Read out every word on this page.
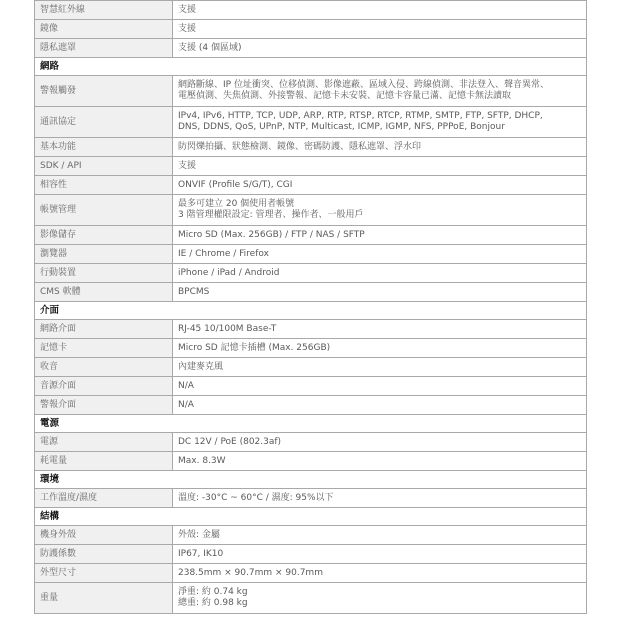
智慧紅外線	支援

鏡像	支援

隱私遮罩	支援 (4 個區域)

網路	
警報觸發	網路斷線、IP 位址衝突、位移偵測、影像遮蔽、區域入侵、跨線偵測、非法登入、聲音異常、
電壓偵測、失焦偵測、外接警報、記憶卡未安裝、記憶卡容量已滿、記憶卡無法讀取

通訊協定	IPv4, IPv6, HTTP, TCP, UDP, ARP, RTP, RTSP, RTCP, RTMP, SMTP, FTP, SFTP, DHCP,
DNS, DDNS, QoS, UPnP, NTP, Multicast, ICMP, IGMP, NFS, PPPoE, Bonjour

基本功能	防閃爍拍攝、狀態檢測、鏡像、密碼防護、隱私遮罩、浮水印

SDK / API	支援

相容性	ONVIF (Profile S/G/T), CGI

帳號管理	最多可建立 20 個使用者帳號
3 階管理權限設定: 管理者、操作者、一般用戶

影像儲存	Micro SD (Max. 256GB) / FTP / NAS / SFTP

瀏覽器	IE / Chrome / Firefox

行動裝置	iPhone / iPad / Android

CMS 軟體	BPCMS

介面	
網路介面	RJ-45 10/100M Base-T

記憶卡	Micro SD 記憶卡插槽 (Max. 256GB)

收音	內建麥克風

音源介面	N/A

警報介面	N/A

電源	
電源	DC 12V / PoE (802.3af)

耗電量	Max. 8.3W

環境	
工作溫度/濕度	溫度: -30°C ~ 60°C / 濕度: 95%以下

結構	
機身外殼	外殼: 金屬

防護係數	IP67, IK10

外型尺寸	238.5mm × 90.7mm × 90.7mm

重量	淨重: 約 0.74 kg
總重: 約 0.98 kg
